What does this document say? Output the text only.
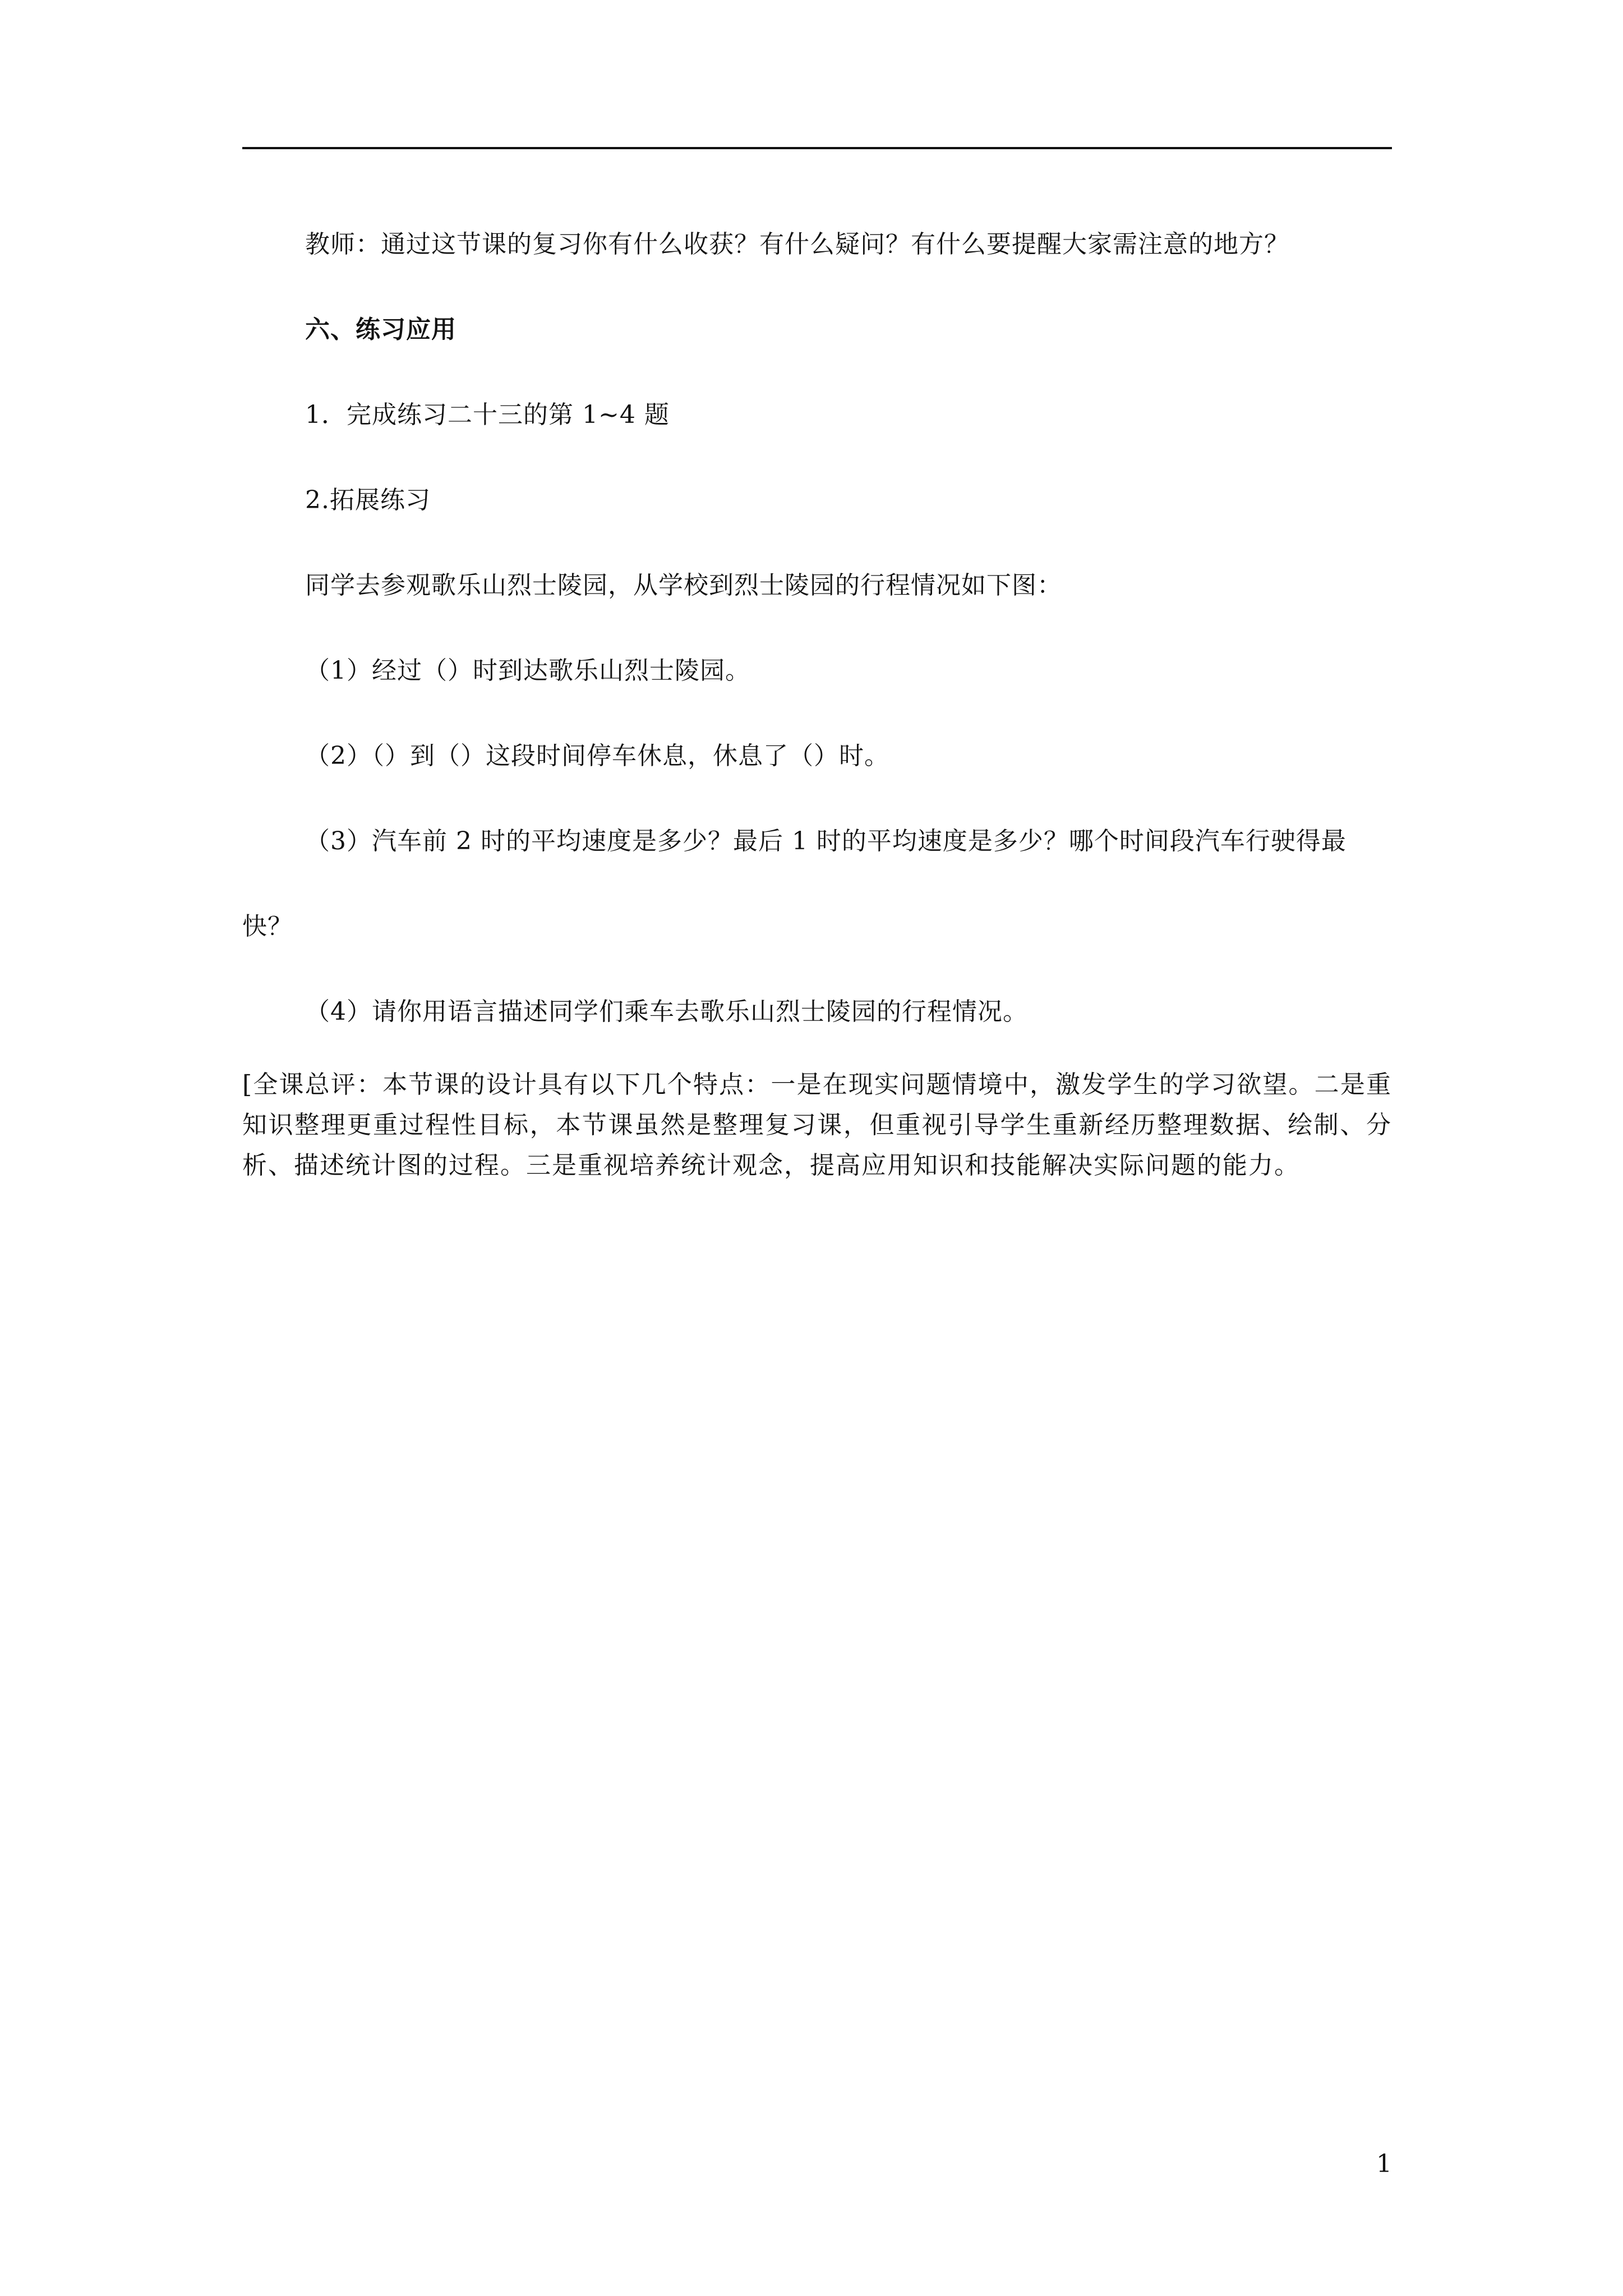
教师：通过这节课的复习你有什么收获？有什么疑问？有什么要提醒大家需注意的地方？

六、练习应用

1．完成练习二十三的第 1~4 题

2.拓展练习

同学去参观歌乐山烈士陵园，从学校到烈士陵园的行程情况如下图：

（1）经过（）时到达歌乐山烈士陵园。

（2）（）到（）这段时间停车休息，休息了（）时。

（3）汽车前 2 时的平均速度是多少？最后 1 时的平均速度是多少？哪个时间段汽车行驶得最快？

（4）请你用语言描述同学们乘车去歌乐山烈士陵园的行程情况。

[全课总评：本节课的设计具有以下几个特点：一是在现实问题情境中，激发学生的学习欲望。二是重知识整理更重过程性目标，本节课虽然是整理复习课，但重视引导学生重新经历整理数据、绘制、分析、描述统计图的过程。三是重视培养统计观念，提高应用知识和技能解决实际问题的能力。

1
